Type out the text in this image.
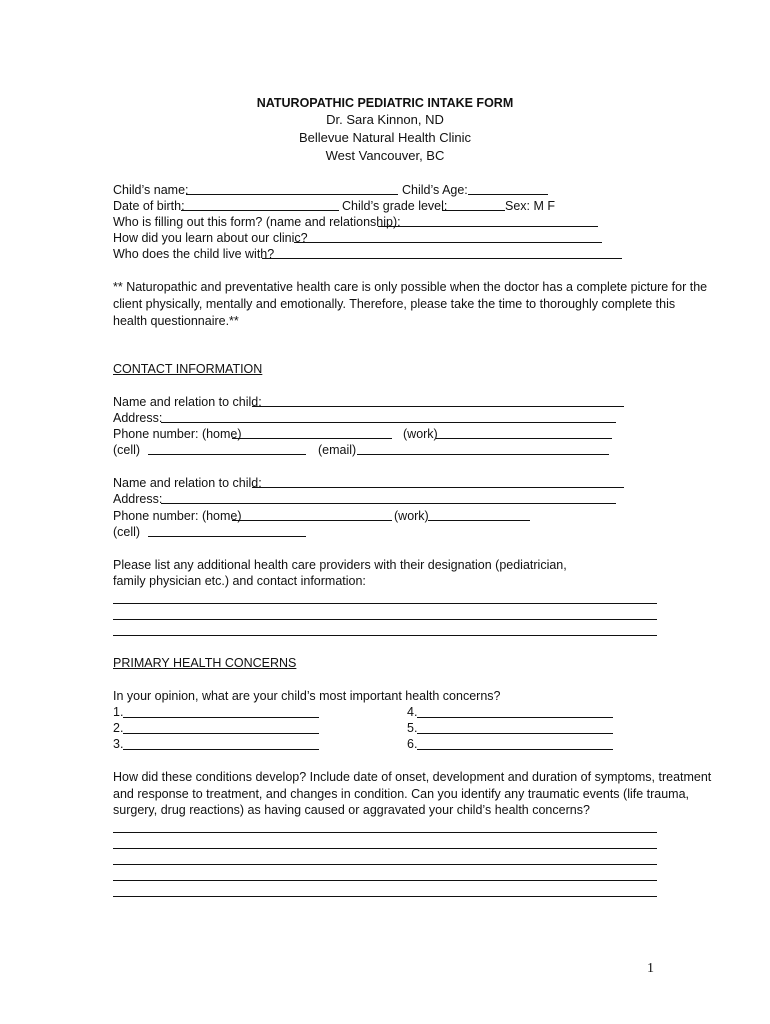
NATUROPATHIC PEDIATRIC INTAKE FORM
Dr. Sara Kinnon, ND
Bellevue Natural Health Clinic
West Vancouver, BC
Child’s name:	Child’s Age:
Date of birth:	Child’s grade level:	Sex: M F
Who is filling out this form? (name and relationship):
How did you learn about our clinic?
Who does the child live with?
** Naturopathic and preventative health care is only possible when the doctor has a complete picture for the
client physically, mentally and emotionally. Therefore, please take the time to thoroughly complete this
health questionnaire.**
CONTACT INFORMATION
Name and relation to child:
Address:
Phone number: (home)	(work)
(cell)	(email)
Name and relation to child:
Address:
Phone number: (home)	(work)
(cell)
Please list any additional health care providers with their designation (pediatrician,
family physician etc.) and contact information:
PRIMARY HEALTH CONCERNS
In your opinion, what are your child’s most important health concerns?
1.
2.
3.
4.
5.
6.
How did these conditions develop? Include date of onset, development and duration of symptoms, treatment
and response to treatment, and changes in condition. Can you identify any traumatic events (life trauma,
surgery, drug reactions) as having caused or aggravated your child’s health concerns?
1
